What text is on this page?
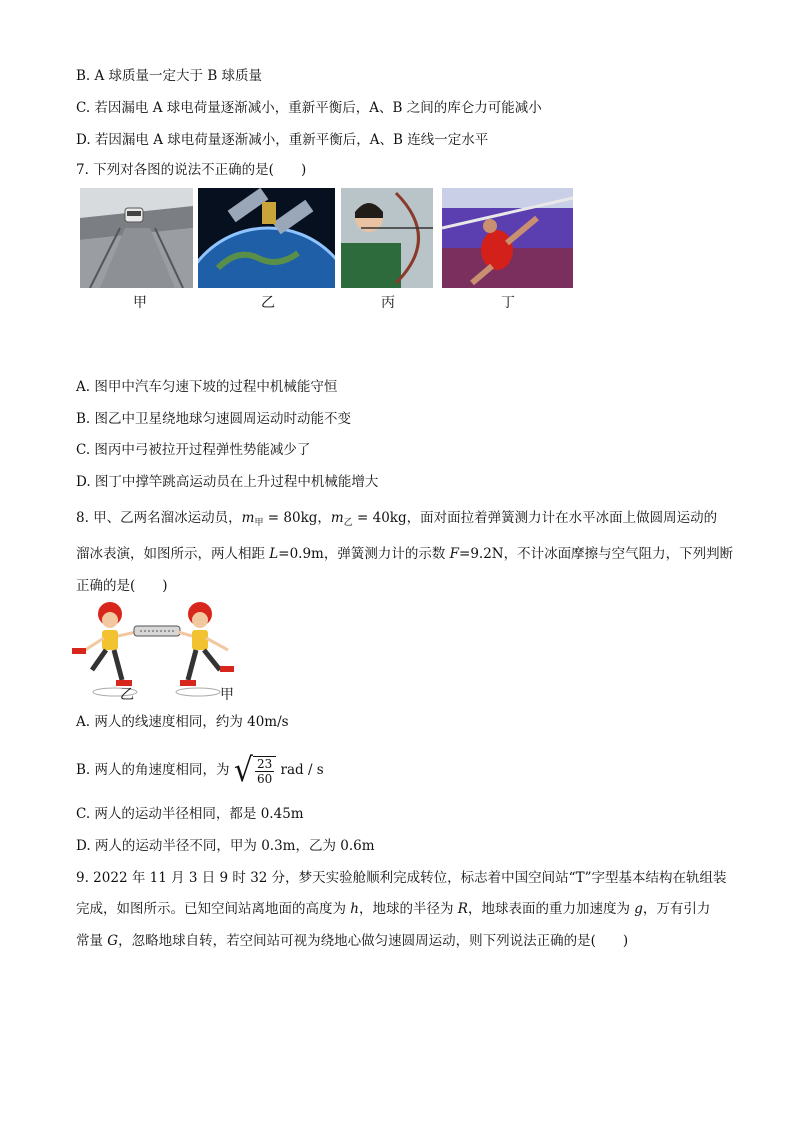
B. A 球质量一定大于 B 球质量
C. 若因漏电 A 球电荷量逐渐减小，重新平衡后，A、B 之间的库仑力可能减小
D. 若因漏电 A 球电荷量逐渐减小，重新平衡后，A、B 连线一定水平
7. 下列对各图的说法不正确的是(　　)
甲	乙	丙	丁
A. 图甲中汽车匀速下坡的过程中机械能守恒
B. 图乙中卫星绕地球匀速圆周运动时动能不变
C. 图丙中弓被拉开过程弹性势能减少了
D. 图丁中撑竿跳高运动员在上升过程中机械能增大
8. 甲、乙两名溜冰运动员，$m_甲 = 80kg$，$m_乙 = 40kg$，面对面拉着弹簧测力计在水平冰面上做圆周运动的
溜冰表演，如图所示，两人相距 L=0.9m，弹簧测力计的示数 F=9.2N，不计冰面摩擦与空气阻力，下列判断
正确的是(　　)
乙	甲
A. 两人的线速度相同，约为 40m/s
B. 两人的角速度相同，为 √ $\frac{23}{60}$ rad / s
C. 两人的运动半径相同，都是 0.45m
D. 两人的运动半径不同，甲为 0.3m，乙为 0.6m
9. 2022 年 11 月 3 日 9 时 32 分，梦天实验舱顺利完成转位，标志着中国空间站“T”字型基本结构在轨组装
完成，如图所示。已知空间站离地面的高度为 h，地球的半径为 R，地球表面的重力加速度为 g，万有引力
常量 G，忽略地球自转，若空间站可视为绕地心做匀速圆周运动，则下列说法正确的是(　　)
